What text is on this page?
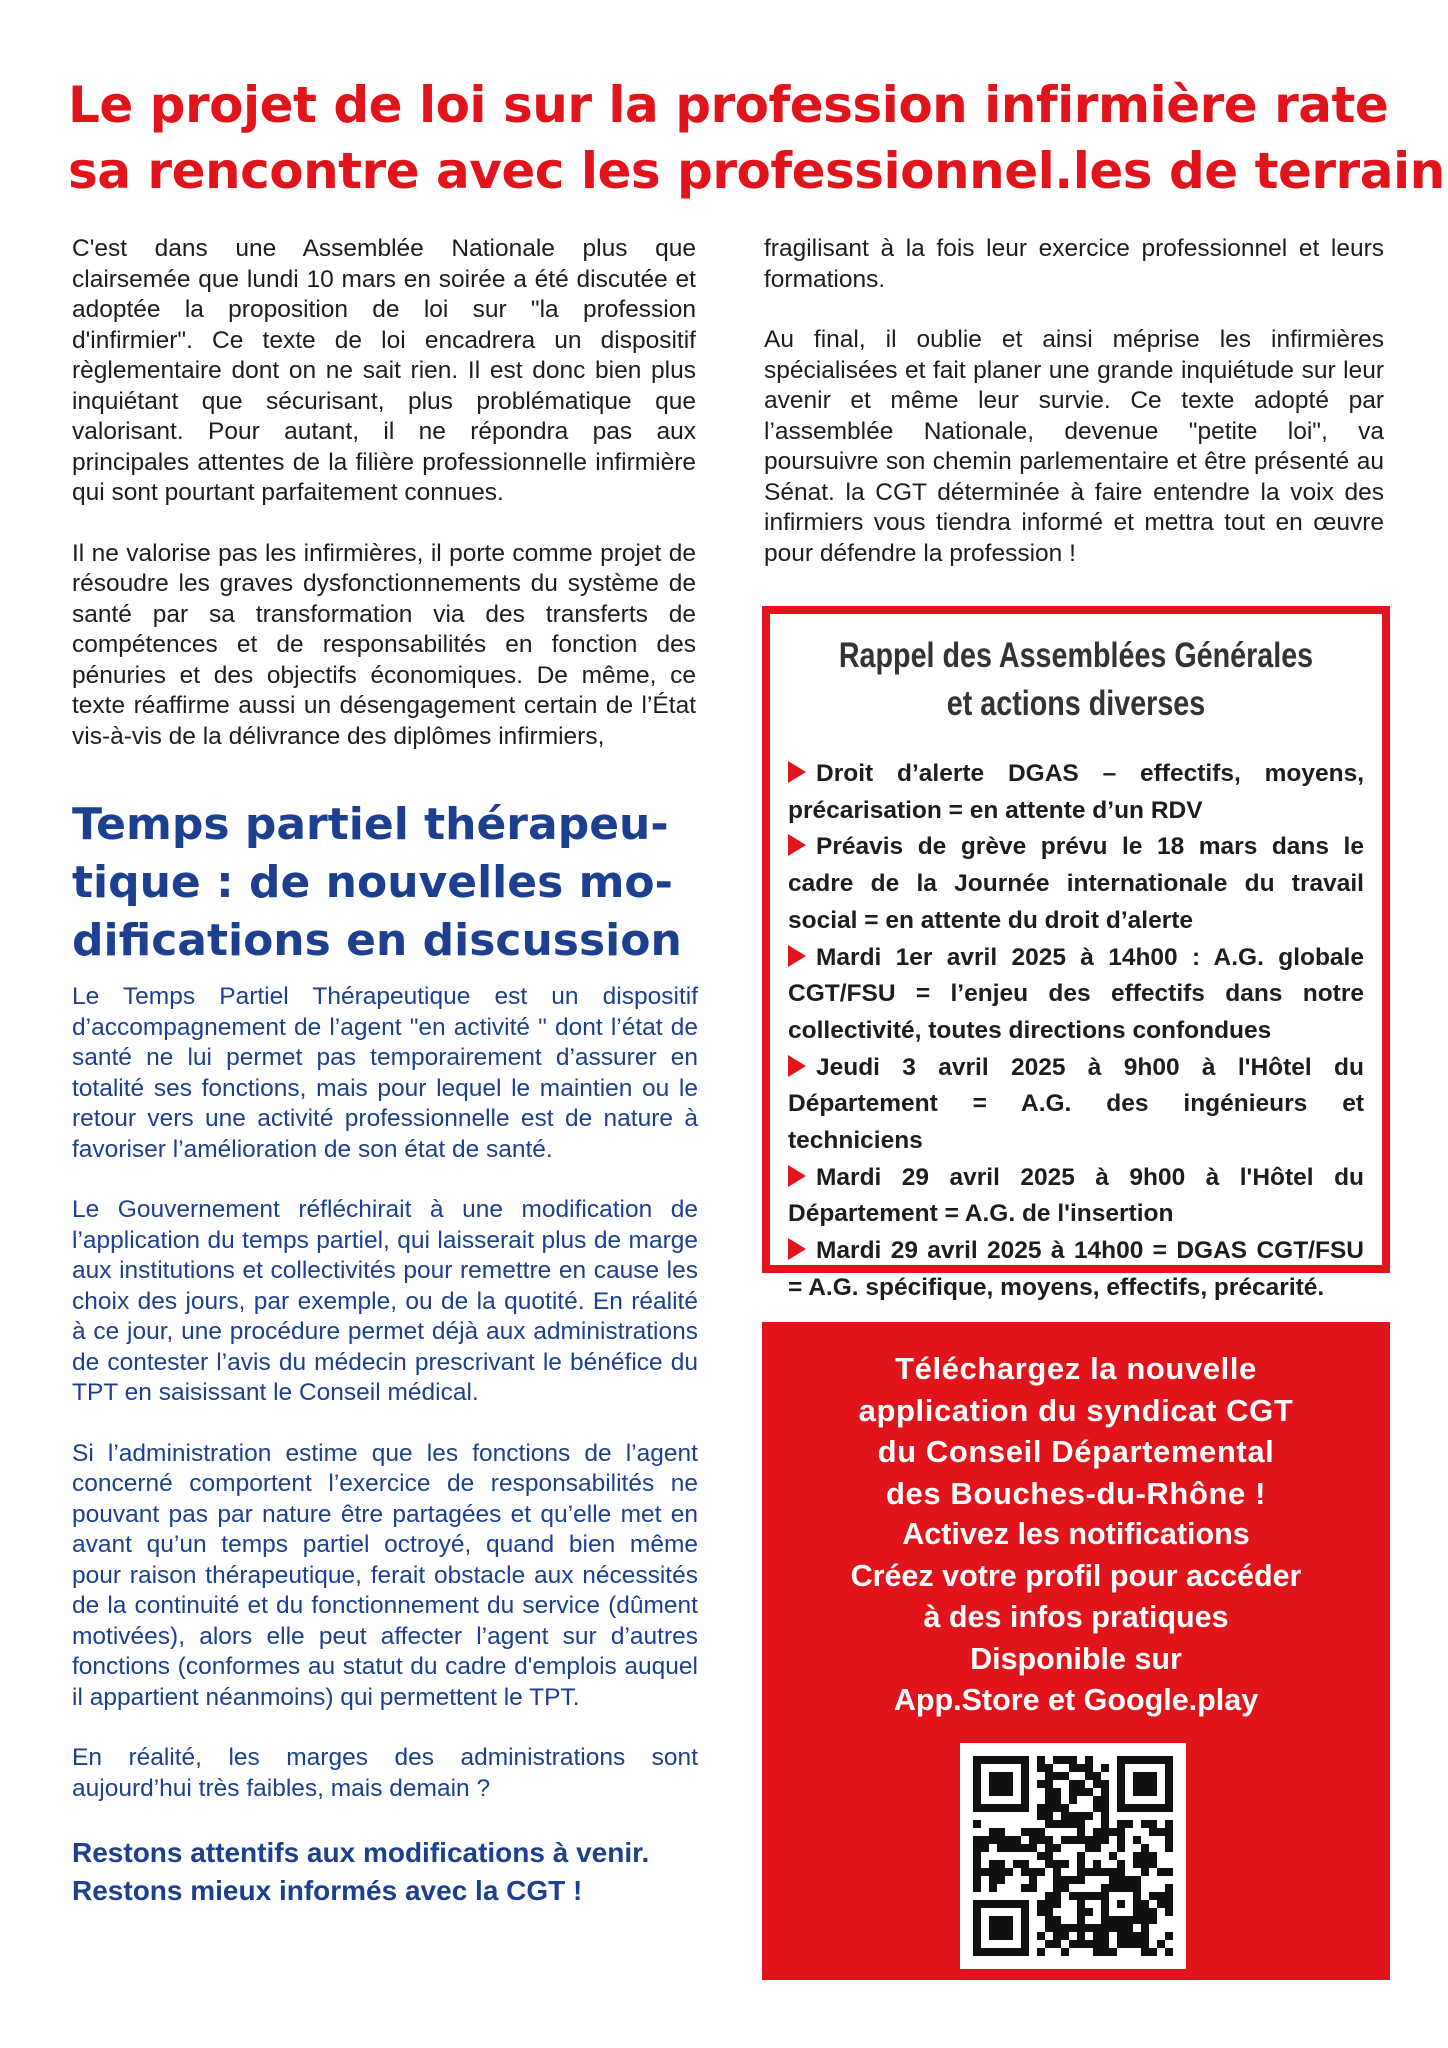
Le projet de loi sur la profession infirmière rate
sa rencontre avec les professionnel.les de terrain

C'est dans une Assemblée Nationale plus que clairsemée que lundi 10 mars en soirée a été discutée et adoptée la proposition de loi sur "la profession d'infirmier". Ce texte de loi encadrera un dispositif règlementaire dont on ne sait rien. Il est donc bien plus inquiétant que sécurisant, plus problématique que valorisant. Pour autant, il ne répondra pas aux principales attentes de la filière professionnelle infirmière qui sont pourtant parfaitement connues.

Il ne valorise pas les infirmières, il porte comme projet de résoudre les graves dysfonctionnements du système de santé par sa transformation via des transferts de compétences et de responsabilités en fonction des pénuries et des objectifs économiques. De même, ce texte réaffirme aussi un désengagement certain de l’État vis-à-vis de la délivrance des diplômes infirmiers,

fragilisant à la fois leur exercice professionnel et leurs formations.

Au final, il oublie et ainsi méprise les infirmières spécialisées et fait planer une grande inquiétude sur leur avenir et même leur survie. Ce texte adopté par l’assemblée Nationale, devenue "petite loi", va poursuivre son chemin parlementaire et être présenté au Sénat. la CGT déterminée à faire entendre la voix des infirmiers vous tiendra informé et mettra tout en œuvre pour défendre la profession !

Temps partiel thérapeu-
tique : de nouvelles mo-
difications en discussion

Le Temps Partiel Thérapeutique est un dispositif d’accompagnement de l’agent "en activité " dont l’état de santé ne lui permet pas temporairement d’assurer en totalité ses fonctions, mais pour lequel le maintien ou le retour vers une activité professionnelle est de nature à favoriser l’amélioration de son état de santé.

Le Gouvernement réfléchirait à une modification de l’application du temps partiel, qui laisserait plus de marge aux institutions et collectivités pour remettre en cause les choix des jours, par exemple, ou de la quotité. En réalité à ce jour, une procédure permet déjà aux administrations de contester l’avis du médecin prescrivant le bénéfice du TPT en saisissant le Conseil médical.

Si l’administration estime que les fonctions de l’agent concerné comportent l’exercice de responsabilités ne pouvant pas par nature être partagées et qu’elle met en avant qu’un temps partiel octroyé, quand bien même pour raison thérapeutique, ferait obstacle aux nécessités de la continuité et du fonctionnement du service (dûment motivées), alors elle peut affecter l’agent sur d’autres fonctions (conformes au statut du cadre d'emplois auquel il appartient néanmoins) qui permettent le TPT.

En réalité, les marges des administrations sont aujourd’hui très faibles, mais demain ?

Restons attentifs aux modifications à venir.
Restons mieux informés avec la CGT !

Rappel des Assemblées Générales
et actions diverses
Droit d’alerte DGAS – effectifs, moyens, précarisation = en attente d’un RDV
Préavis de grève prévu le 18 mars dans le cadre de la Journée internationale du travail social = en attente du droit d’alerte
Mardi 1er avril 2025 à 14h00 : A.G. globale CGT/FSU = l’enjeu des effectifs dans notre collectivité, toutes directions confondues
Jeudi 3 avril 2025 à 9h00 à l'Hôtel du Département = A.G. des ingénieurs et techniciens
Mardi 29 avril 2025 à 9h00 à l'Hôtel du Département = A.G. de l'insertion
Mardi 29 avril 2025 à 14h00 = DGAS CGT/FSU = A.G. spécifique, moyens, effectifs, précarité.
Téléchargez la nouvelle
application du syndicat CGT
du Conseil Départemental
des Bouches-du-Rhône !
Activez les notifications
Créez votre profil pour accéder
à des infos pratiques
Disponible sur
App.Store et Google.play
